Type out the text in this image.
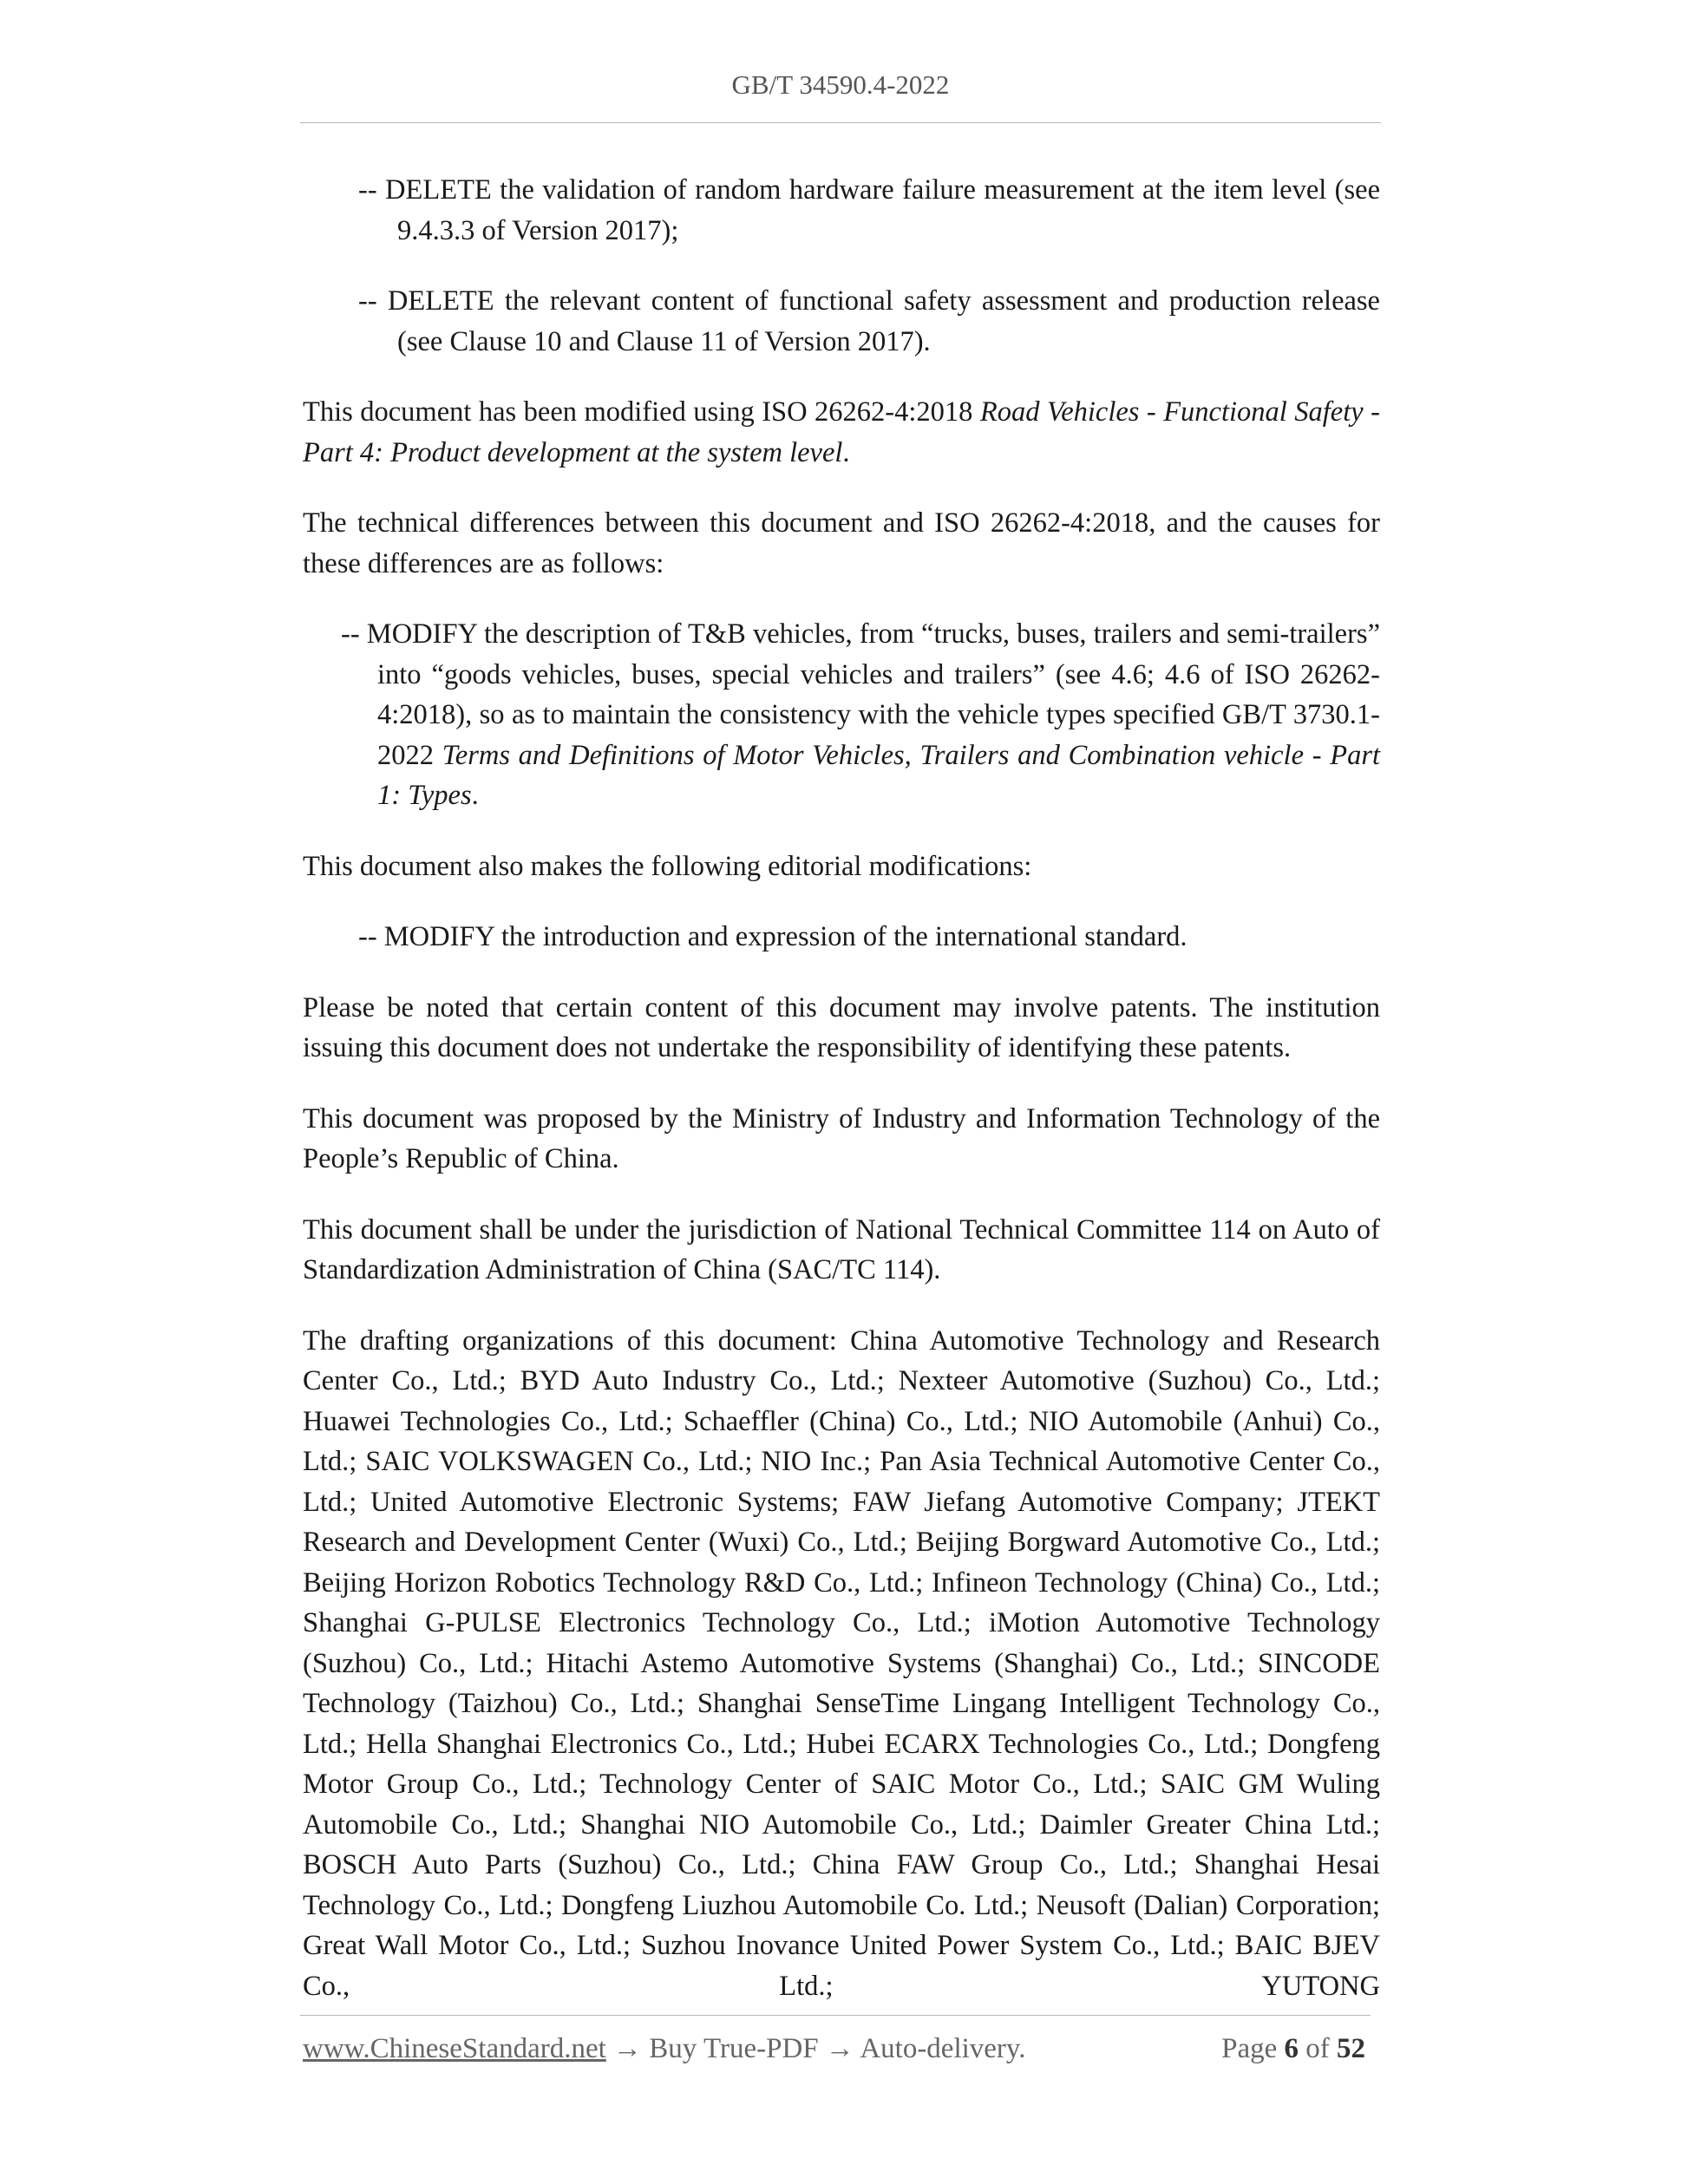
GB/T 34590.4-2022

-- DELETE the validation of random hardware failure measurement at the item level (see 9.4.3.3 of Version 2017);

-- DELETE the relevant content of functional safety assessment and production release (see Clause 10 and Clause 11 of Version 2017).

This document has been modified using ISO 26262-4:2018 Road Vehicles - Functional Safety - Part 4: Product development at the system level.

The technical differences between this document and ISO 26262-4:2018, and the causes for these differences are as follows:

-- MODIFY the description of T&B vehicles, from “trucks, buses, trailers and semi-trailers” into “goods vehicles, buses, special vehicles and trailers” (see 4.6; 4.6 of ISO 26262-4:2018), so as to maintain the consistency with the vehicle types specified GB/T 3730.1-2022 Terms and Definitions of Motor Vehicles, Trailers and Combination vehicle - Part 1: Types.

This document also makes the following editorial modifications:

-- MODIFY the introduction and expression of the international standard.

Please be noted that certain content of this document may involve patents. The institution issuing this document does not undertake the responsibility of identifying these patents.

This document was proposed by the Ministry of Industry and Information Technology of the People’s Republic of China.

This document shall be under the jurisdiction of National Technical Committee 114 on Auto of Standardization Administration of China (SAC/TC 114).

The drafting organizations of this document: China Automotive Technology and Research Center Co., Ltd.; BYD Auto Industry Co., Ltd.; Nexteer Automotive (Suzhou) Co., Ltd.; Huawei Technologies Co., Ltd.; Schaeffler (China) Co., Ltd.; NIO Automobile (Anhui) Co., Ltd.; SAIC VOLKSWAGEN Co., Ltd.; NIO Inc.; Pan Asia Technical Automotive Center Co., Ltd.; United Automotive Electronic Systems; FAW Jiefang Automotive Company; JTEKT Research and Development Center (Wuxi) Co., Ltd.; Beijing Borgward Automotive Co., Ltd.; Beijing Horizon Robotics Technology R&D Co., Ltd.; Infineon Technology (China) Co., Ltd.; Shanghai G-PULSE Electronics Technology Co., Ltd.; iMotion Automotive Technology (Suzhou) Co., Ltd.; Hitachi Astemo Automotive Systems (Shanghai) Co., Ltd.; SINCODE Technology (Taizhou) Co., Ltd.; Shanghai SenseTime Lingang Intelligent Technology Co., Ltd.; Hella Shanghai Electronics Co., Ltd.; Hubei ECARX Technologies Co., Ltd.; Dongfeng Motor Group Co., Ltd.; Technology Center of SAIC Motor Co., Ltd.; SAIC GM Wuling Automobile Co., Ltd.; Shanghai NIO Automobile Co., Ltd.; Daimler Greater China Ltd.; BOSCH Auto Parts (Suzhou) Co., Ltd.; China FAW Group Co., Ltd.; Shanghai Hesai Technology Co., Ltd.; Dongfeng Liuzhou Automobile Co. Ltd.; Neusoft (Dalian) Corporation; Great Wall Motor Co., Ltd.; Suzhou Inovance United Power System Co., Ltd.; BAIC BJEV Co., Ltd.; YUTONG

www.ChineseStandard.net → Buy True-PDF → Auto-delivery.	Page 6 of 52
